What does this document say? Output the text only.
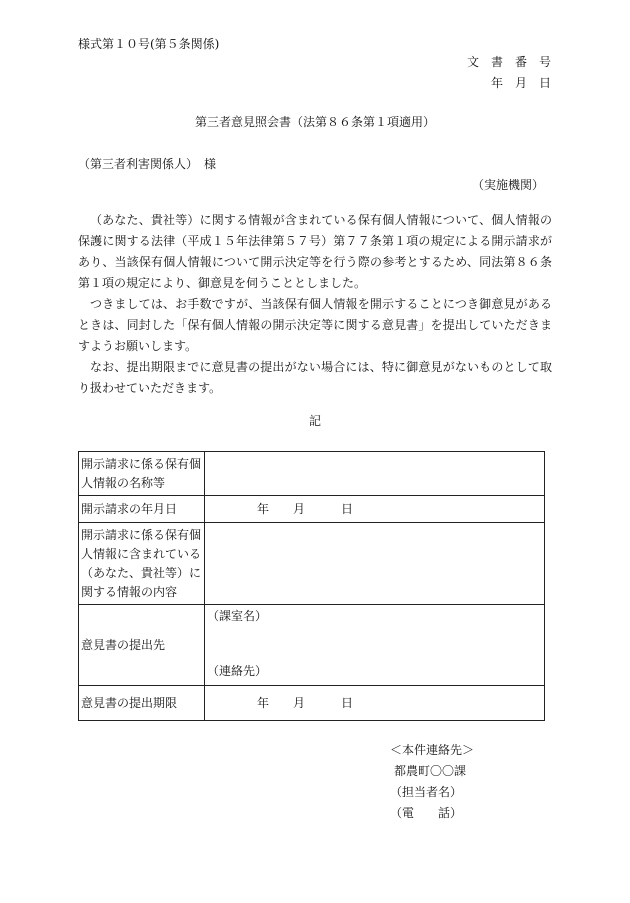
様式第１０号(第５条関係)
文　書　番　号
年　月　日
第三者意見照会書（法第８６条第１項適用）
（第三者利害関係人）　様
（実施機関）

（あなた、貴社等）に関する情報が含まれている保有個人情報について、個人情報の保護に関する法律（平成１５年法律第５７号）第７７条第１項の規定による開示請求があり、当該保有個人情報について開示決定等を行う際の参考とするため、同法第８６条第１項の規定により、御意見を伺うこととしました。

つきましては、お手数ですが、当該保有個人情報を開示することにつき御意見があるときは、同封した「保有個人情報の開示決定等に関する意見書」を提出していただきますようお願いします。

なお、提出期限までに意見書の提出がない場合には、特に御意見がないものとして取り扱わせていただきます。

記
開示請求に係る保有個人情報の名称等	
開示請求の年月日	年 月 日

開示請求に係る保有個人情報に含まれている（あなた、貴社等）に関する情報の内容	
意見書の提出先	（課室名）
（連絡先）

意見書の提出期限	年 月 日
＜本件連絡先＞
都農町〇〇課
（担当者名）
（電　　話）
